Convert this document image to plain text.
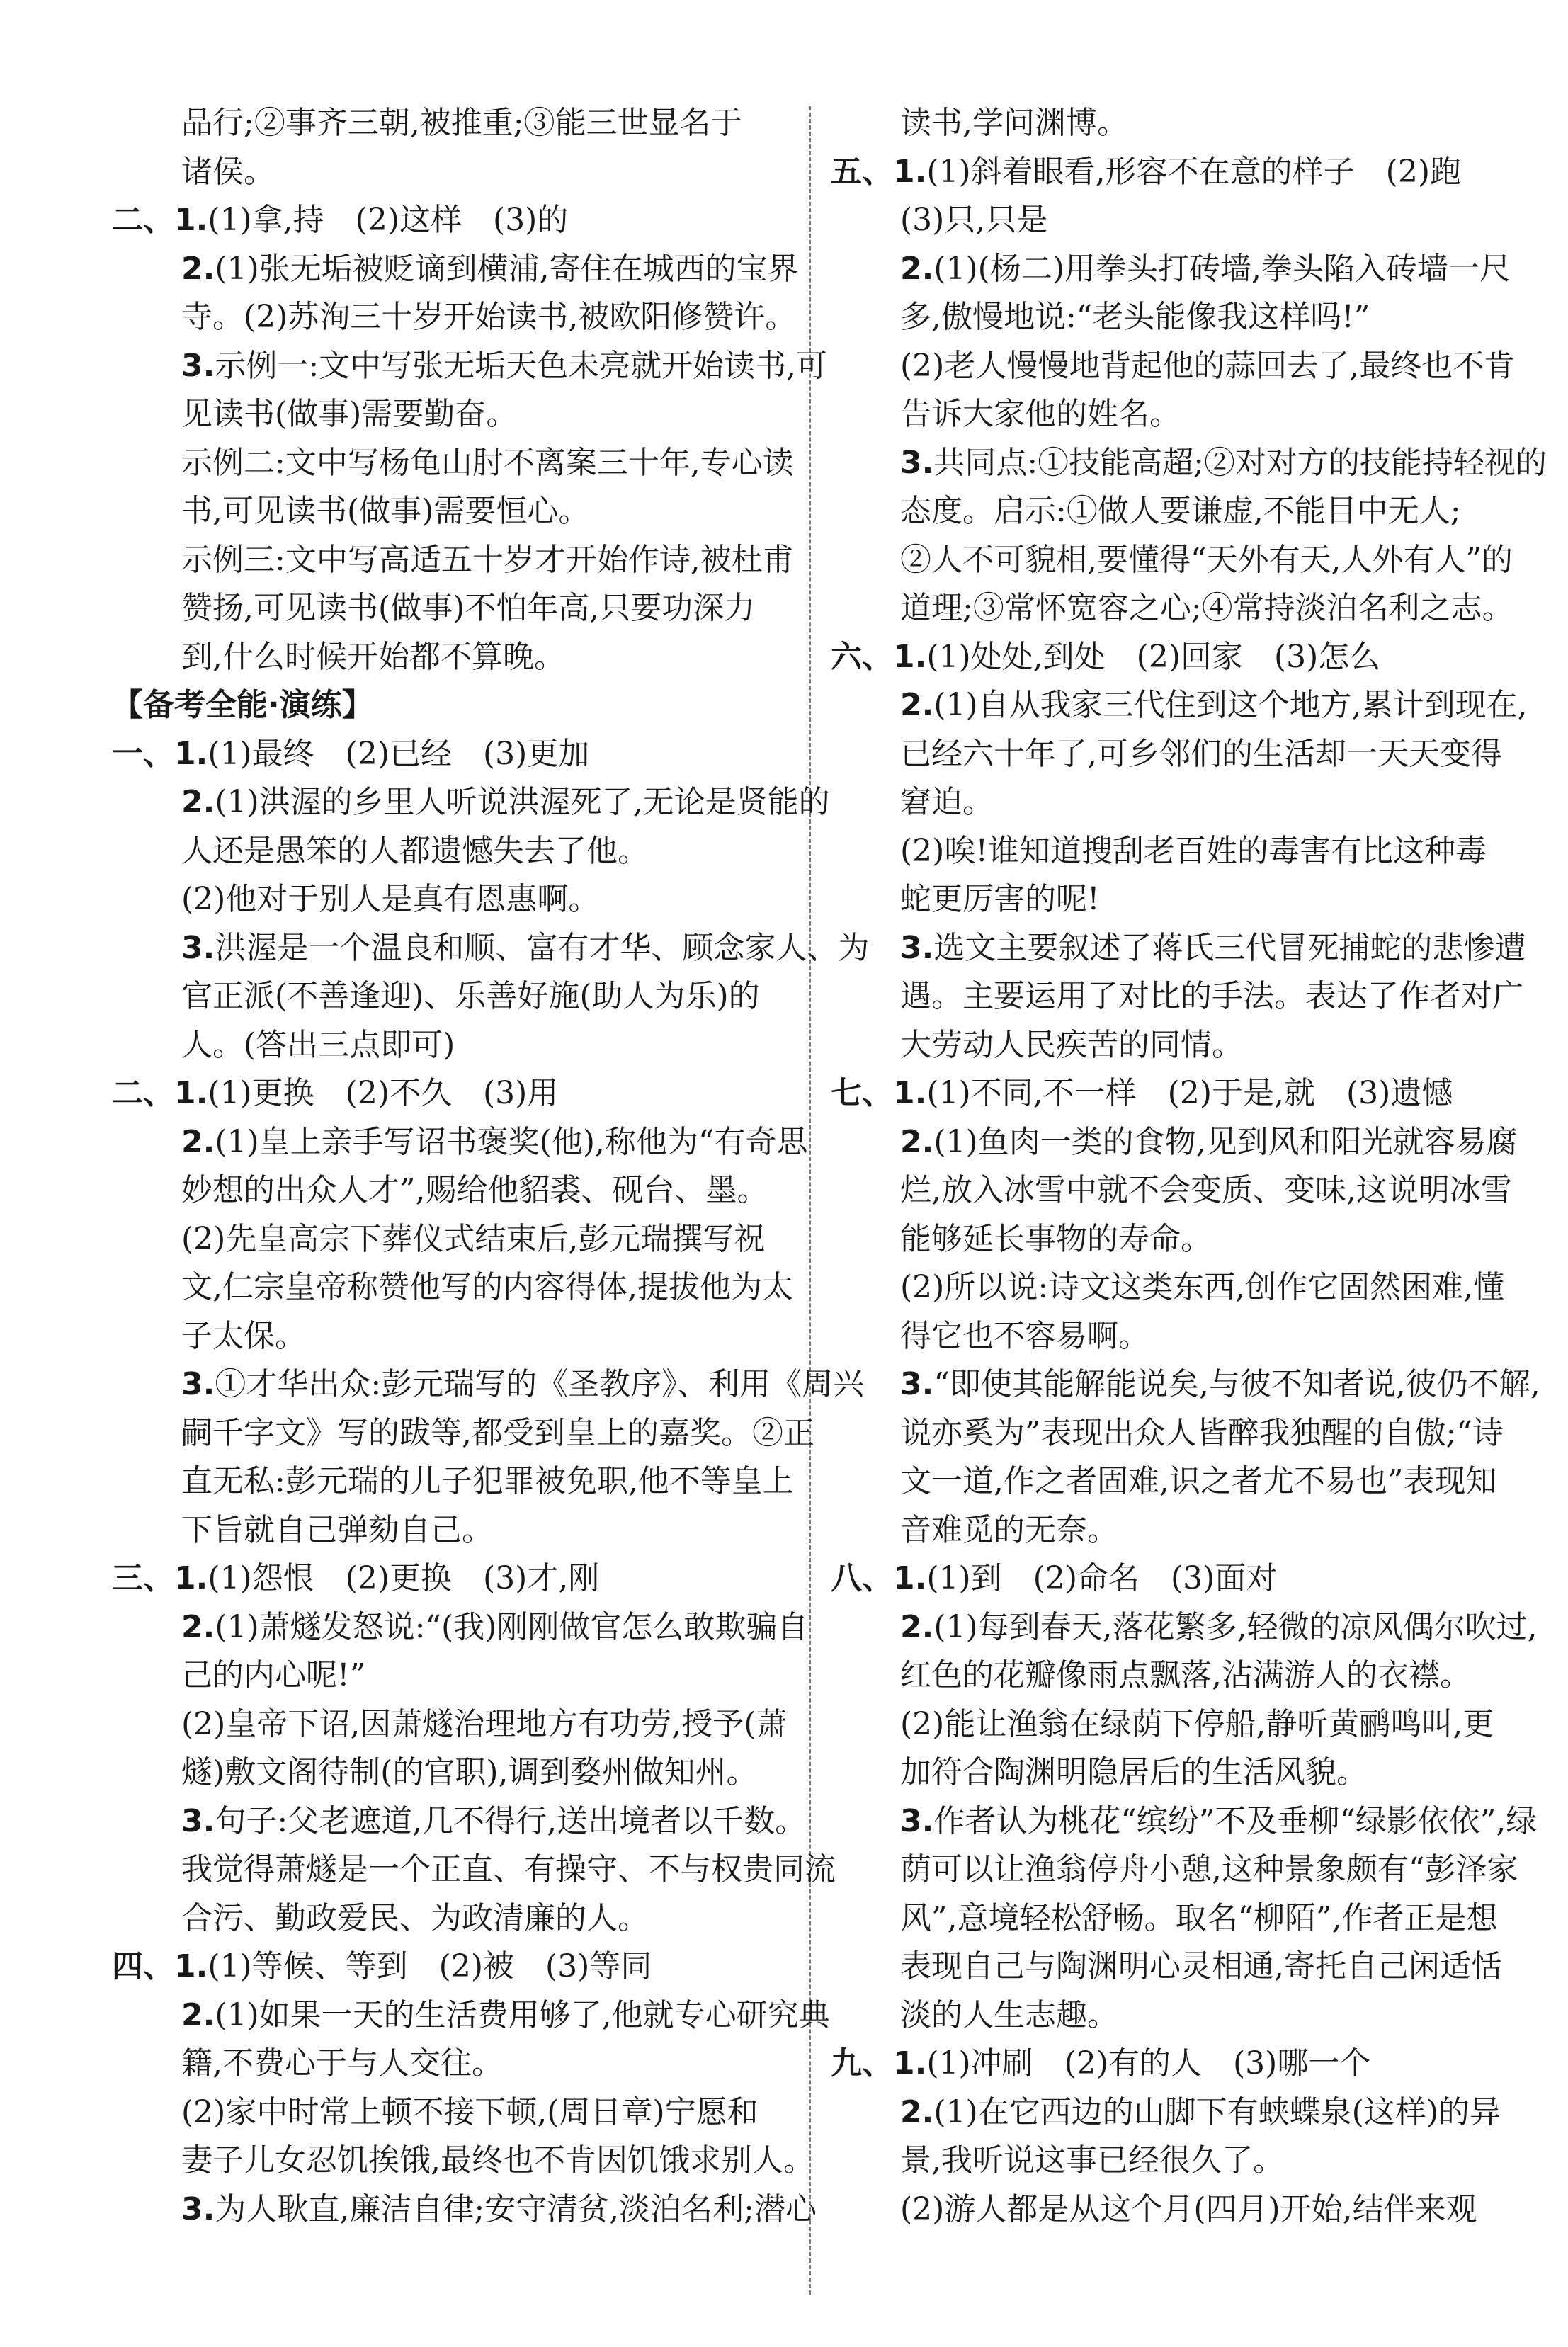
品行;②事齐三朝,被推重;③能三世显名于
诸侯。
二、1.(1)拿,持　(2)这样　(3)的
2.(1)张无垢被贬谪到横浦,寄住在城西的宝界
寺。(2)苏洵三十岁开始读书,被欧阳修赞许。
3.示例一:文中写张无垢天色未亮就开始读书,可
见读书(做事)需要勤奋。
示例二:文中写杨龟山肘不离案三十年,专心读
书,可见读书(做事)需要恒心。
示例三:文中写高适五十岁才开始作诗,被杜甫
赞扬,可见读书(做事)不怕年高,只要功深力
到,什么时候开始都不算晚。
【备考全能·演练】
一、1.(1)最终　(2)已经　(3)更加
2.(1)洪渥的乡里人听说洪渥死了,无论是贤能的
人还是愚笨的人都遗憾失去了他。
(2)他对于别人是真有恩惠啊。
3.洪渥是一个温良和顺、富有才华、顾念家人、为
官正派(不善逢迎)、乐善好施(助人为乐)的
人。(答出三点即可)
二、1.(1)更换　(2)不久　(3)用
2.(1)皇上亲手写诏书褒奖(他),称他为“有奇思
妙想的出众人才”,赐给他貂裘、砚台、墨。
(2)先皇高宗下葬仪式结束后,彭元瑞撰写祝
文,仁宗皇帝称赞他写的内容得体,提拔他为太
子太保。
3.①才华出众:彭元瑞写的《圣教序》、利用《周兴
嗣千字文》写的跋等,都受到皇上的嘉奖。②正
直无私:彭元瑞的儿子犯罪被免职,他不等皇上
下旨就自己弹劾自己。
三、1.(1)怨恨　(2)更换　(3)才,刚
2.(1)萧燧发怒说:“(我)刚刚做官怎么敢欺骗自
己的内心呢!”
(2)皇帝下诏,因萧燧治理地方有功劳,授予(萧
燧)敷文阁待制(的官职),调到婺州做知州。
3.句子:父老遮道,几不得行,送出境者以千数。
我觉得萧燧是一个正直、有操守、不与权贵同流
合污、勤政爱民、为政清廉的人。
四、1.(1)等候、等到　(2)被　(3)等同
2.(1)如果一天的生活费用够了,他就专心研究典
籍,不费心于与人交往。
(2)家中时常上顿不接下顿,(周日章)宁愿和
妻子儿女忍饥挨饿,最终也不肯因饥饿求别人。
3.为人耿直,廉洁自律;安守清贫,淡泊名利;潜心
读书,学问渊博。
五、1.(1)斜着眼看,形容不在意的样子　(2)跑
(3)只,只是
2.(1)(杨二)用拳头打砖墙,拳头陷入砖墙一尺
多,傲慢地说:“老头能像我这样吗!”
(2)老人慢慢地背起他的蒜回去了,最终也不肯
告诉大家他的姓名。
3.共同点:①技能高超;②对对方的技能持轻视的
态度。启示:①做人要谦虚,不能目中无人;
②人不可貌相,要懂得“天外有天,人外有人”的
道理;③常怀宽容之心;④常持淡泊名利之志。
六、1.(1)处处,到处　(2)回家　(3)怎么
2.(1)自从我家三代住到这个地方,累计到现在,
已经六十年了,可乡邻们的生活却一天天变得
窘迫。
(2)唉!谁知道搜刮老百姓的毒害有比这种毒
蛇更厉害的呢!
3.选文主要叙述了蒋氏三代冒死捕蛇的悲惨遭
遇。主要运用了对比的手法。表达了作者对广
大劳动人民疾苦的同情。
七、1.(1)不同,不一样　(2)于是,就　(3)遗憾
2.(1)鱼肉一类的食物,见到风和阳光就容易腐
烂,放入冰雪中就不会变质、变味,这说明冰雪
能够延长事物的寿命。
(2)所以说:诗文这类东西,创作它固然困难,懂
得它也不容易啊。
3.“即使其能解能说矣,与彼不知者说,彼仍不解,
说亦奚为”表现出众人皆醉我独醒的自傲;“诗
文一道,作之者固难,识之者尤不易也”表现知
音难觅的无奈。
八、1.(1)到　(2)命名　(3)面对
2.(1)每到春天,落花繁多,轻微的凉风偶尔吹过,
红色的花瓣像雨点飘落,沾满游人的衣襟。
(2)能让渔翁在绿荫下停船,静听黄鹂鸣叫,更
加符合陶渊明隐居后的生活风貌。
3.作者认为桃花“缤纷”不及垂柳“绿影依依”,绿
荫可以让渔翁停舟小憩,这种景象颇有“彭泽家
风”,意境轻松舒畅。取名“柳陌”,作者正是想
表现自己与陶渊明心灵相通,寄托自己闲适恬
淡的人生志趣。
九、1.(1)冲刷　(2)有的人　(3)哪一个
2.(1)在它西边的山脚下有蛱蝶泉(这样)的异
景,我听说这事已经很久了。
(2)游人都是从这个月(四月)开始,结伴来观
